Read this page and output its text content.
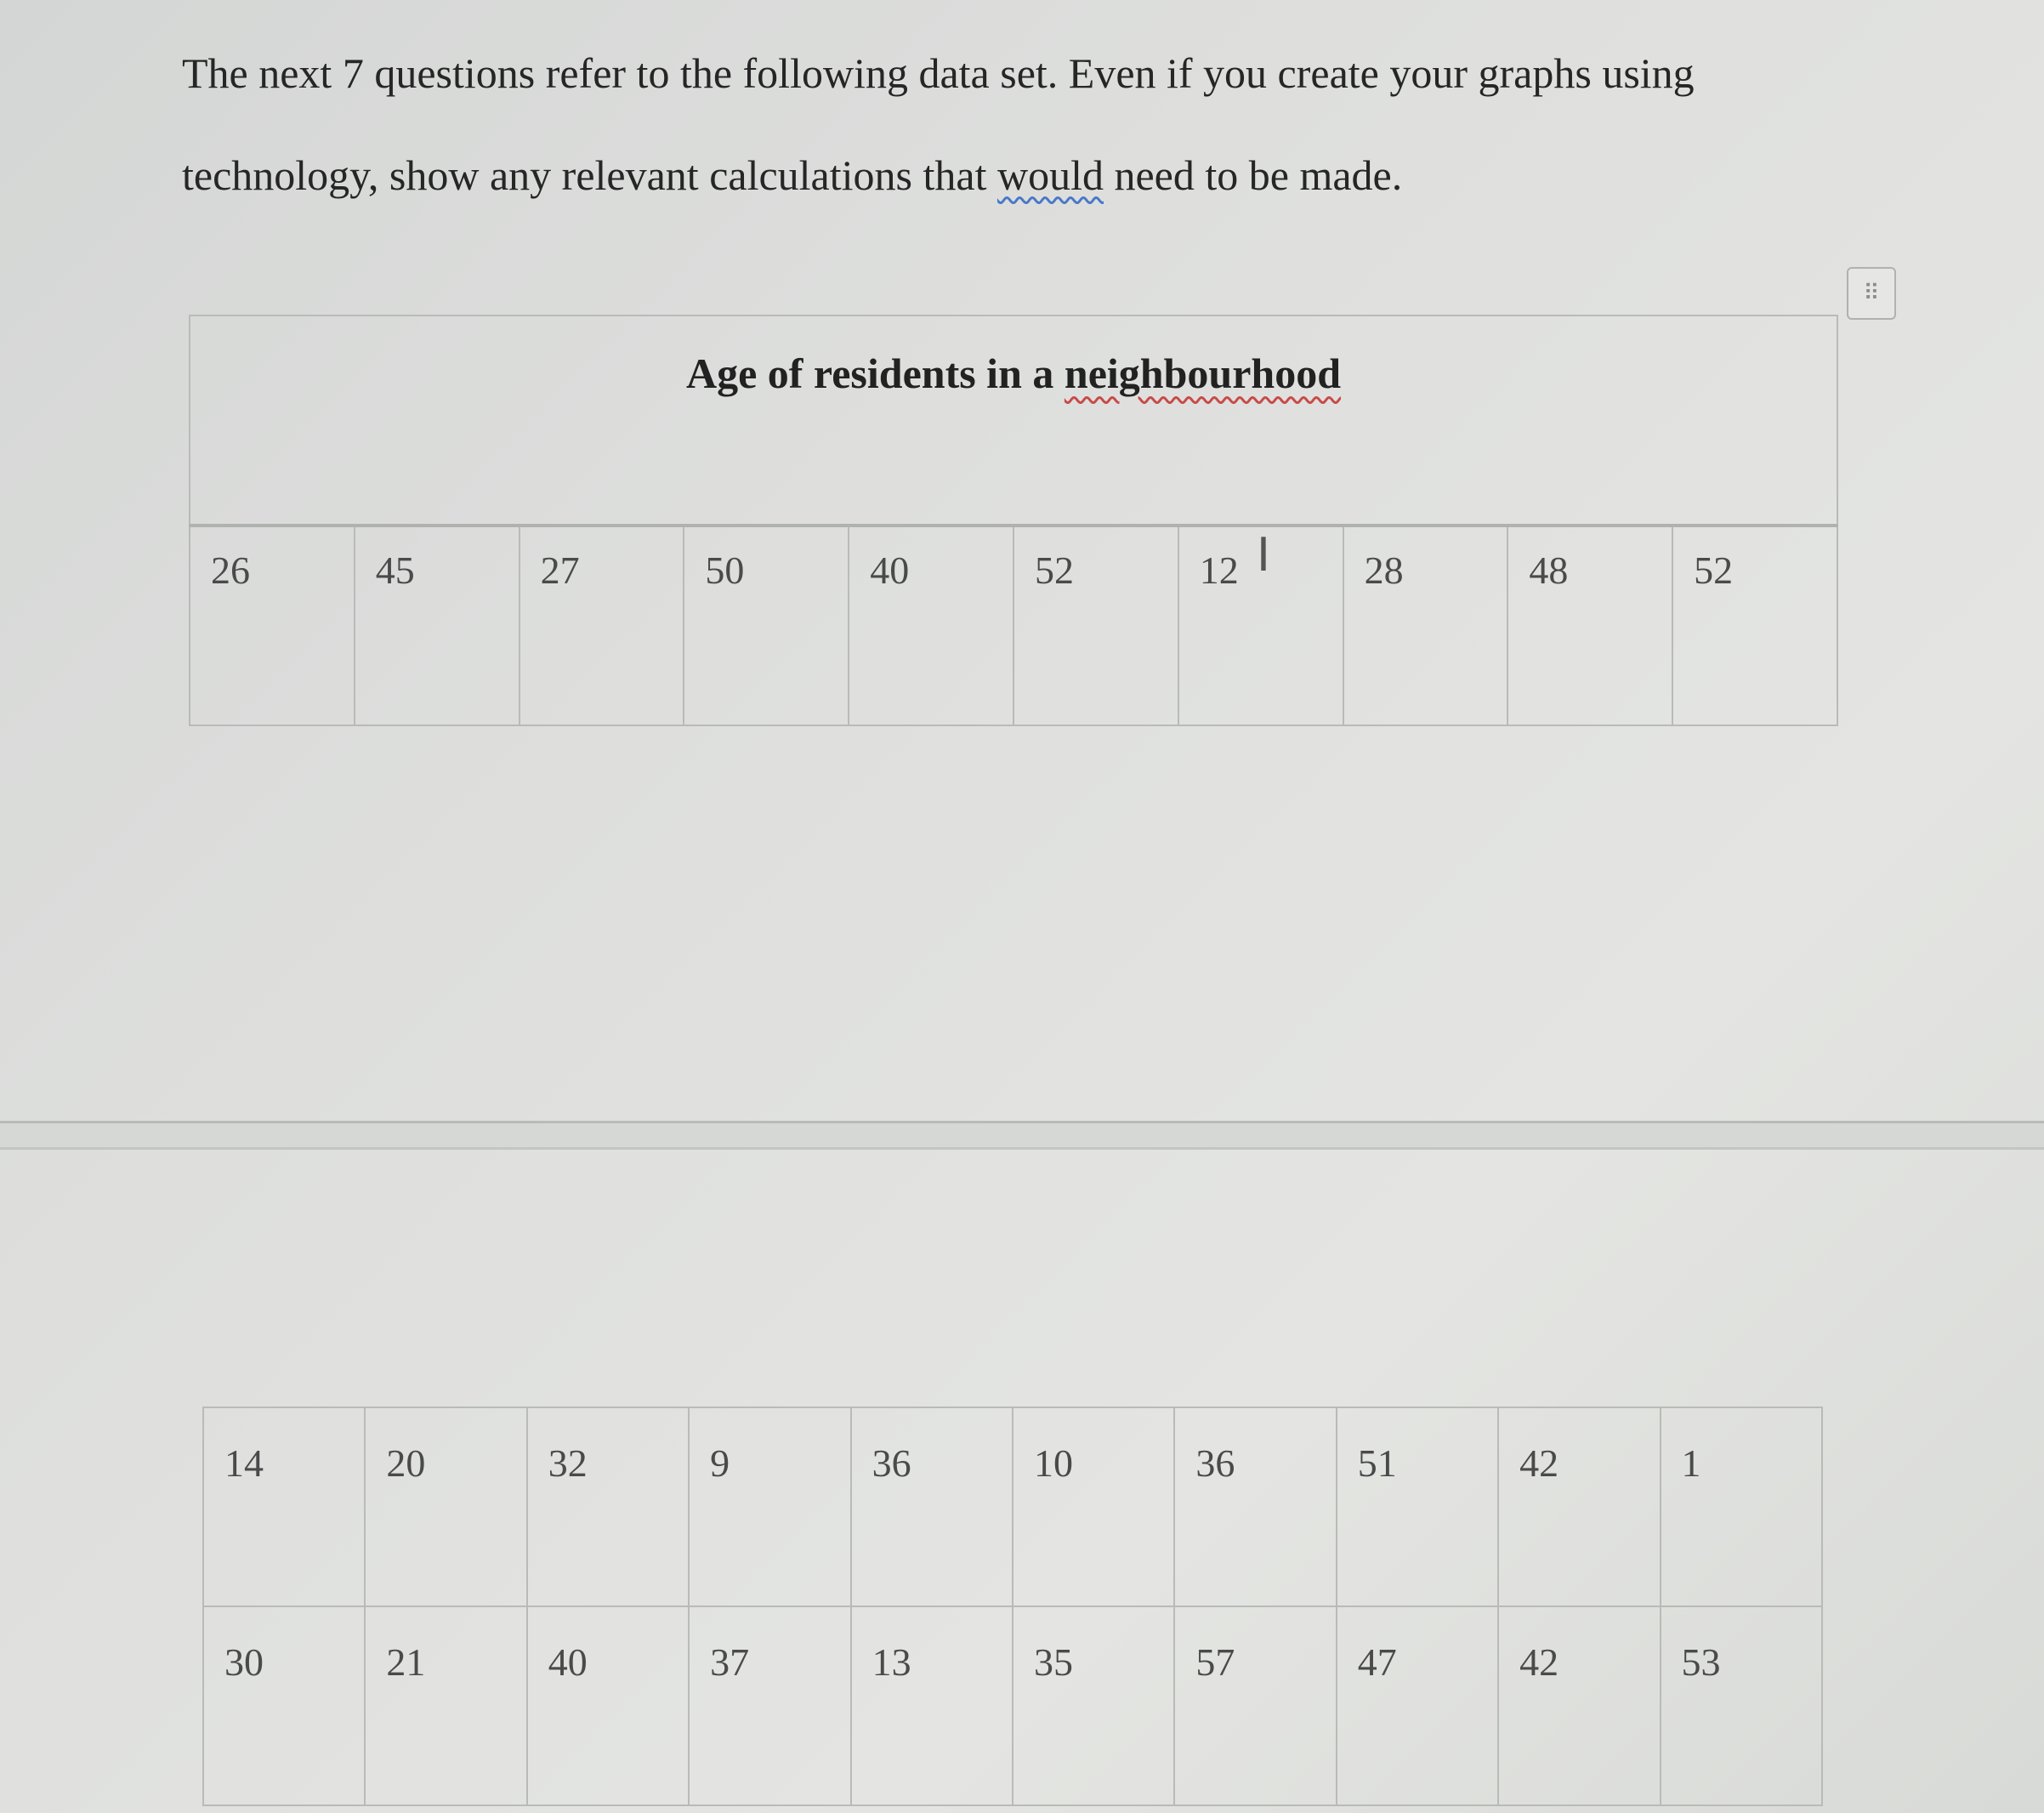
The next 7 questions refer to the following data set. Even if you create your graphs using
technology, show any relevant calculations that would need to be made.
⠿
Age of residents in a neighbourhood

26	45	27	50	40	52	12	28	48	52
I
14	20	32	9	36	10	36	51	42	1

30	21	40	37	13	35	57	47	42	53
